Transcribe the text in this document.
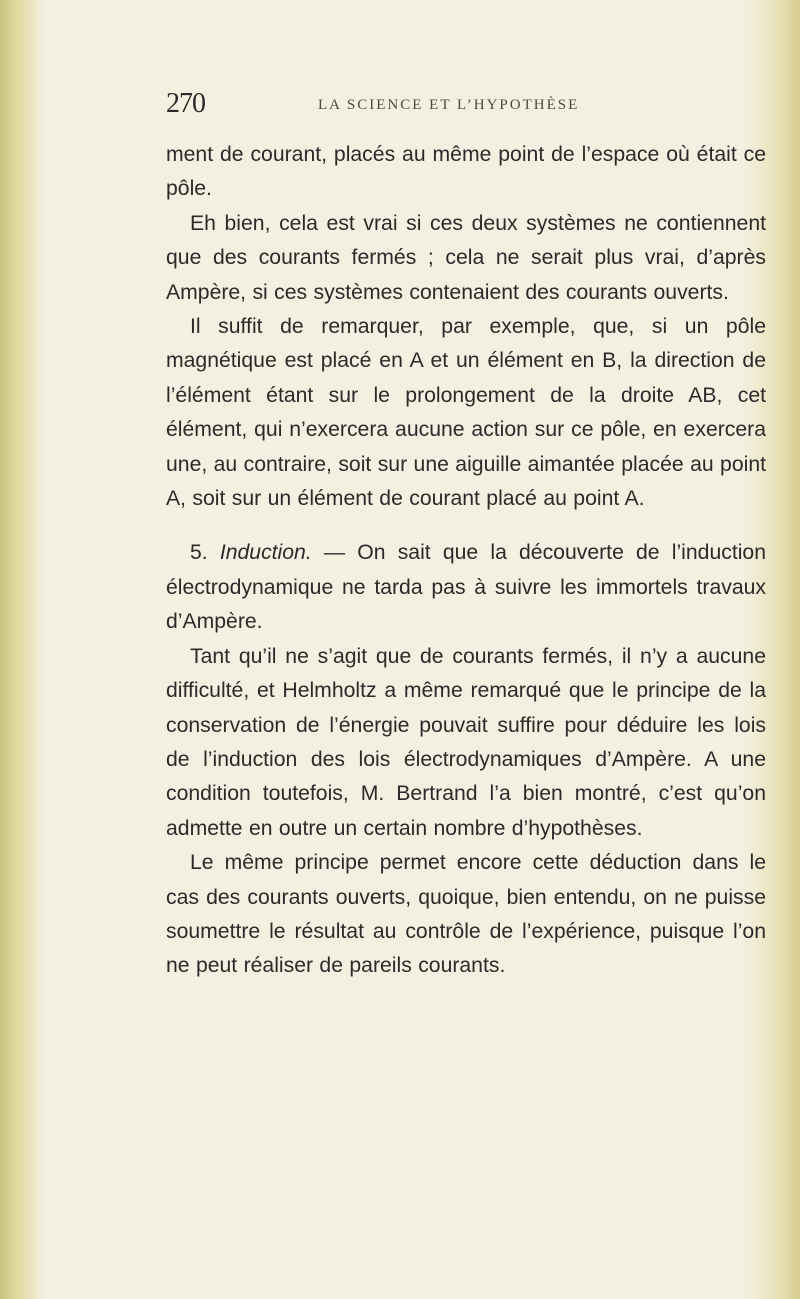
270	LA SCIENCE ET L’HYPOTHÈSE

ment de courant, placés au même point de l’espace où était ce pôle.

Eh bien, cela est vrai si ces deux systèmes ne contiennent que des courants fermés ; cela ne serait plus vrai, d’après Ampère, si ces systèmes contenaient des courants ouverts.

Il suffit de remarquer, par exemple, que, si un pôle magnétique est placé en A et un élément en B, la direction de l’élément étant sur le prolongement de la droite AB, cet élément, qui n’exercera aucune action sur ce pôle, en exercera une, au contraire, soit sur une aiguille aimantée placée au point A, soit sur un élément de courant placé au point A.

5. Induction. — On sait que la découverte de l’induction électrodynamique ne tarda pas à suivre les immortels travaux d’Ampère.

Tant qu’il ne s’agit que de courants fermés, il n’y a aucune difficulté, et Helmholtz a même remarqué que le principe de la conservation de l’énergie pouvait suffire pour déduire les lois de l’induction des lois électrodynamiques d’Ampère. A une condition toutefois, M. Bertrand l’a bien montré, c’est qu’on admette en outre un certain nombre d’hypothèses.

Le même principe permet encore cette déduction dans le cas des courants ouverts, quoique, bien entendu, on ne puisse soumettre le résultat au contrôle de l’expérience, puisque l’on ne peut réaliser de pareils courants.
